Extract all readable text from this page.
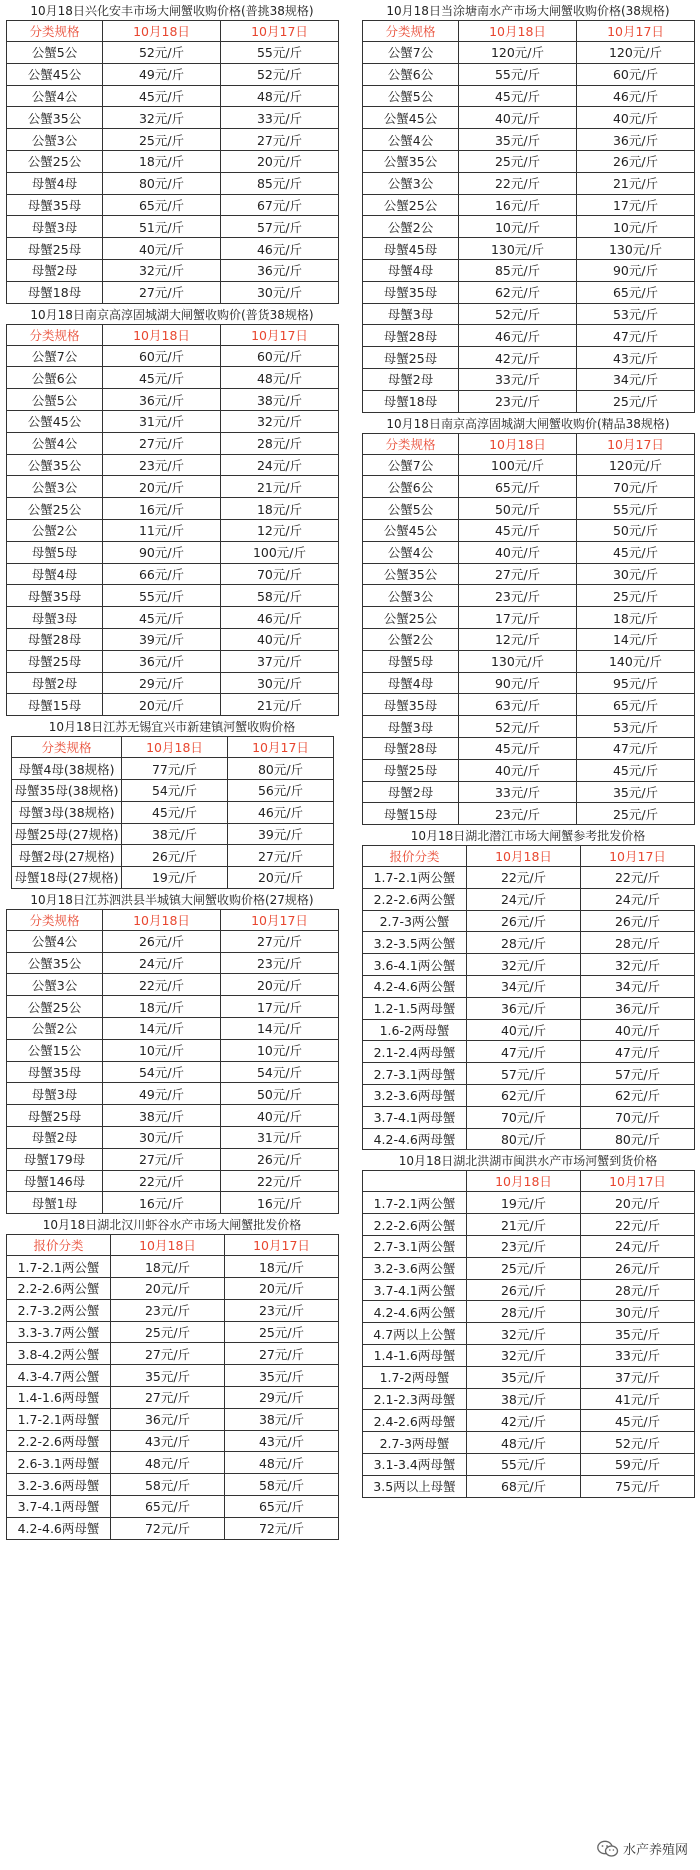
10月18日兴化安丰市场大闸蟹收购价格(普挑38规格)
分类规格	10月18日	10月17日
公蟹5公	52元/斤	55元/斤
公蟹45公	49元/斤	52元/斤
公蟹4公	45元/斤	48元/斤
公蟹35公	32元/斤	33元/斤
公蟹3公	25元/斤	27元/斤
公蟹25公	18元/斤	20元/斤
母蟹4母	80元/斤	85元/斤
母蟹35母	65元/斤	67元/斤
母蟹3母	51元/斤	57元/斤
母蟹25母	40元/斤	46元/斤
母蟹2母	32元/斤	36元/斤
母蟹18母	27元/斤	30元/斤
10月18日南京高淳固城湖大闸蟹收购价(普货38规格)
分类规格	10月18日	10月17日
公蟹7公	60元/斤	60元/斤
公蟹6公	45元/斤	48元/斤
公蟹5公	36元/斤	38元/斤
公蟹45公	31元/斤	32元/斤
公蟹4公	27元/斤	28元/斤
公蟹35公	23元/斤	24元/斤
公蟹3公	20元/斤	21元/斤
公蟹25公	16元/斤	18元/斤
公蟹2公	11元/斤	12元/斤
母蟹5母	90元/斤	100元/斤
母蟹4母	66元/斤	70元/斤
母蟹35母	55元/斤	58元/斤
母蟹3母	45元/斤	46元/斤
母蟹28母	39元/斤	40元/斤
母蟹25母	36元/斤	37元/斤
母蟹2母	29元/斤	30元/斤
母蟹15母	20元/斤	21元/斤
10月18日江苏无锡宜兴市新建镇河蟹收购价格
分类规格	10月18日	10月17日
母蟹4母(38规格)	77元/斤	80元/斤
母蟹35母(38规格)	54元/斤	56元/斤
母蟹3母(38规格)	45元/斤	46元/斤
母蟹25母(27规格)	38元/斤	39元/斤
母蟹2母(27规格)	26元/斤	27元/斤
母蟹18母(27规格)	19元/斤	20元/斤
10月18日江苏泗洪县半城镇大闸蟹收购价格(27规格)
分类规格	10月18日	10月17日
公蟹4公	26元/斤	27元/斤
公蟹35公	24元/斤	23元/斤
公蟹3公	22元/斤	20元/斤
公蟹25公	18元/斤	17元/斤
公蟹2公	14元/斤	14元/斤
公蟹15公	10元/斤	10元/斤
母蟹35母	54元/斤	54元/斤
母蟹3母	49元/斤	50元/斤
母蟹25母	38元/斤	40元/斤
母蟹2母	30元/斤	31元/斤
母蟹179母	27元/斤	26元/斤
母蟹146母	22元/斤	22元/斤
母蟹1母	16元/斤	16元/斤
10月18日湖北汉川虾谷水产市场大闸蟹批发价格
报价分类	10月18日	10月17日
1.7-2.1两公蟹	18元/斤	18元/斤
2.2-2.6两公蟹	20元/斤	20元/斤
2.7-3.2两公蟹	23元/斤	23元/斤
3.3-3.7两公蟹	25元/斤	25元/斤
3.8-4.2两公蟹	27元/斤	27元/斤
4.3-4.7两公蟹	35元/斤	35元/斤
1.4-1.6两母蟹	27元/斤	29元/斤
1.7-2.1两母蟹	36元/斤	38元/斤
2.2-2.6两母蟹	43元/斤	43元/斤
2.6-3.1两母蟹	48元/斤	48元/斤
3.2-3.6两母蟹	58元/斤	58元/斤
3.7-4.1两母蟹	65元/斤	65元/斤
4.2-4.6两母蟹	72元/斤	72元/斤
10月18日当涂塘南水产市场大闸蟹收购价格(38规格)
分类规格	10月18日	10月17日
公蟹7公	120元/斤	120元/斤
公蟹6公	55元/斤	60元/斤
公蟹5公	45元/斤	46元/斤
公蟹45公	40元/斤	40元/斤
公蟹4公	35元/斤	36元/斤
公蟹35公	25元/斤	26元/斤
公蟹3公	22元/斤	21元/斤
公蟹25公	16元/斤	17元/斤
公蟹2公	10元/斤	10元/斤
母蟹45母	130元/斤	130元/斤
母蟹4母	85元/斤	90元/斤
母蟹35母	62元/斤	65元/斤
母蟹3母	52元/斤	53元/斤
母蟹28母	46元/斤	47元/斤
母蟹25母	42元/斤	43元/斤
母蟹2母	33元/斤	34元/斤
母蟹18母	23元/斤	25元/斤
10月18日南京高淳固城湖大闸蟹收购价(精品38规格)
分类规格	10月18日	10月17日
公蟹7公	100元/斤	120元/斤
公蟹6公	65元/斤	70元/斤
公蟹5公	50元/斤	55元/斤
公蟹45公	45元/斤	50元/斤
公蟹4公	40元/斤	45元/斤
公蟹35公	27元/斤	30元/斤
公蟹3公	23元/斤	25元/斤
公蟹25公	17元/斤	18元/斤
公蟹2公	12元/斤	14元/斤
母蟹5母	130元/斤	140元/斤
母蟹4母	90元/斤	95元/斤
母蟹35母	63元/斤	65元/斤
母蟹3母	52元/斤	53元/斤
母蟹28母	45元/斤	47元/斤
母蟹25母	40元/斤	45元/斤
母蟹2母	33元/斤	35元/斤
母蟹15母	23元/斤	25元/斤
10月18日湖北潜江市场大闸蟹参考批发价格
报价分类	10月18日	10月17日
1.7-2.1两公蟹	22元/斤	22元/斤
2.2-2.6两公蟹	24元/斤	24元/斤
2.7-3两公蟹	26元/斤	26元/斤
3.2-3.5两公蟹	28元/斤	28元/斤
3.6-4.1两公蟹	32元/斤	32元/斤
4.2-4.6两公蟹	34元/斤	34元/斤
1.2-1.5两母蟹	36元/斤	36元/斤
1.6-2两母蟹	40元/斤	40元/斤
2.1-2.4两母蟹	47元/斤	47元/斤
2.7-3.1两母蟹	57元/斤	57元/斤
3.2-3.6两母蟹	62元/斤	62元/斤
3.7-4.1两母蟹	70元/斤	70元/斤
4.2-4.6两母蟹	80元/斤	80元/斤
10月18日湖北洪湖市闽洪水产市场河蟹到货价格
	10月18日	10月17日
1.7-2.1两公蟹	19元/斤	20元/斤
2.2-2.6两公蟹	21元/斤	22元/斤
2.7-3.1两公蟹	23元/斤	24元/斤
3.2-3.6两公蟹	25元/斤	26元/斤
3.7-4.1两公蟹	26元/斤	28元/斤
4.2-4.6两公蟹	28元/斤	30元/斤
4.7两以上公蟹	32元/斤	35元/斤
1.4-1.6两母蟹	32元/斤	33元/斤
1.7-2两母蟹	35元/斤	37元/斤
2.1-2.3两母蟹	38元/斤	41元/斤
2.4-2.6两母蟹	42元/斤	45元/斤
2.7-3两母蟹	48元/斤	52元/斤
3.1-3.4两母蟹	55元/斤	59元/斤
3.5两以上母蟹	68元/斤	75元/斤
水产养殖网
